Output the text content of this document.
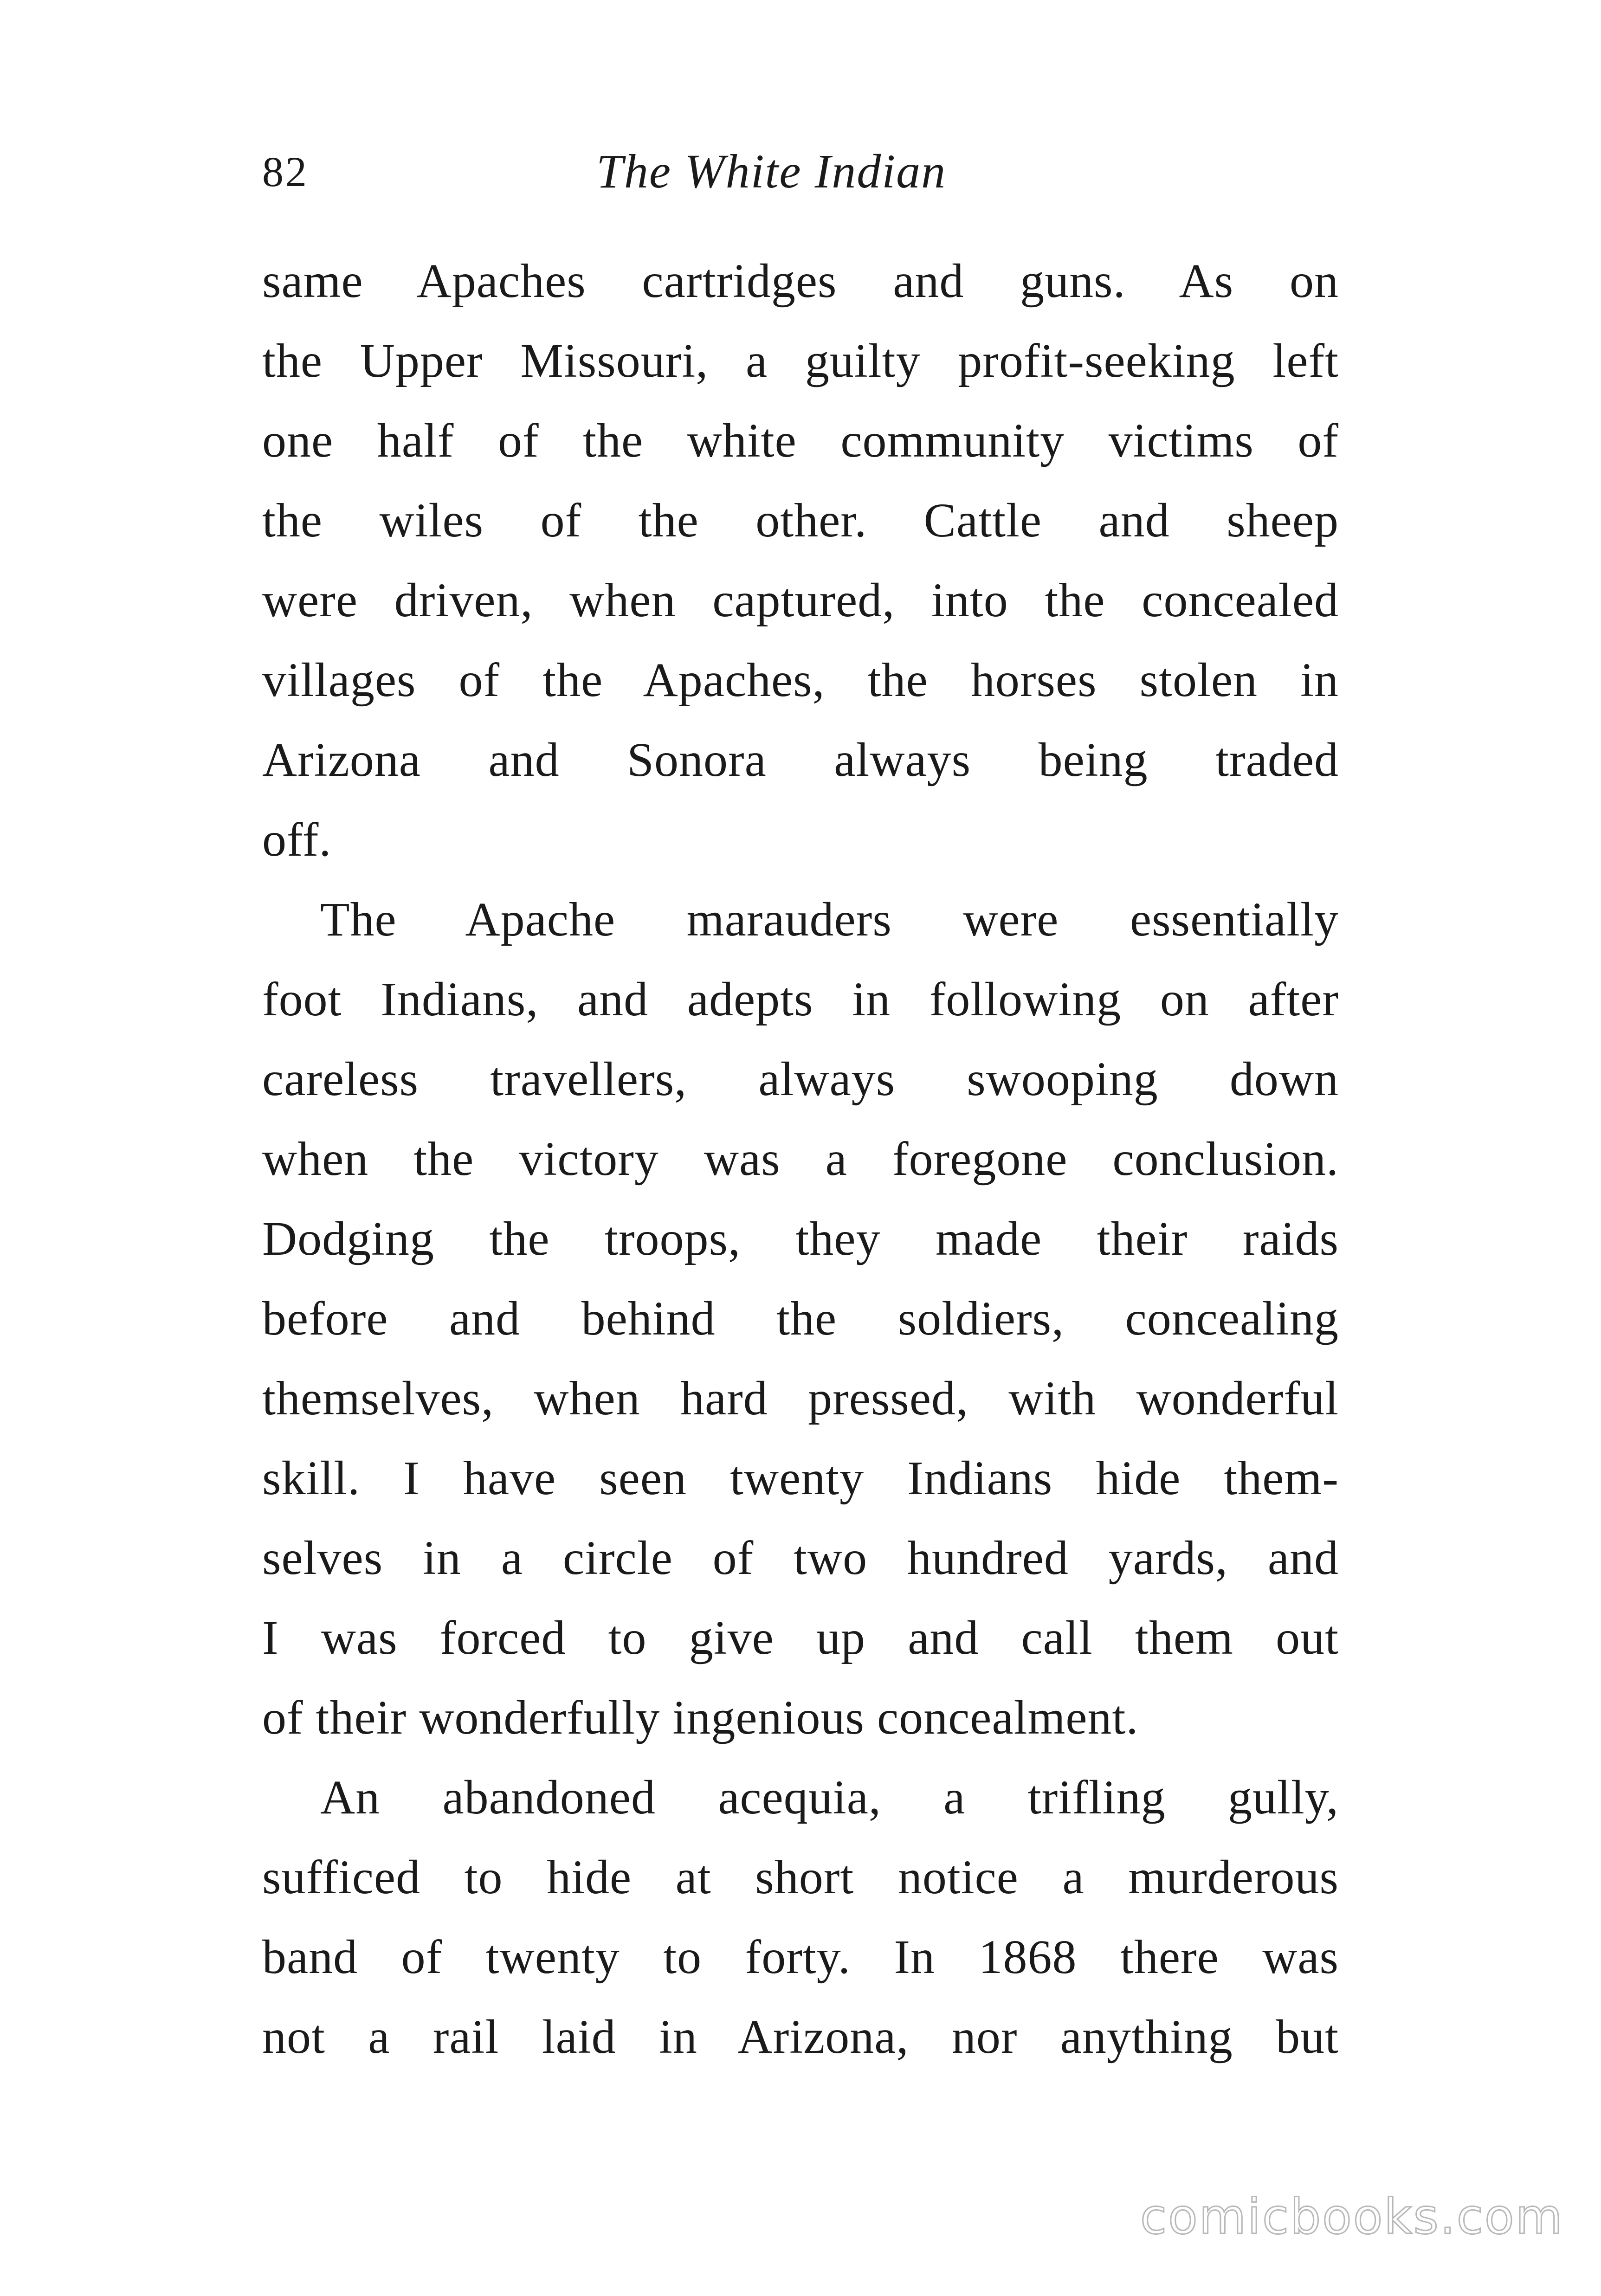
82	The White Indian
same Apaches cartridges and guns. As on
the Upper Missouri, a guilty profit-seeking left
one half of the white community victims of
the wiles of the other. Cattle and sheep
were driven, when captured, into the concealed
villages of the Apaches, the horses stolen in
Arizona and Sonora always being traded
off.
The Apache marauders were essentially
foot Indians, and adepts in following on after
careless travellers, always swooping down
when the victory was a foregone conclusion.
Dodging the troops, they made their raids
before and behind the soldiers, concealing
themselves, when hard pressed, with wonderful
skill. I have seen twenty Indians hide them-
selves in a circle of two hundred yards, and
I was forced to give up and call them out
of their wonderfully ingenious concealment.
An abandoned acequia, a trifling gully,
sufficed to hide at short notice a murderous
band of twenty to forty. In 1868 there was
not a rail laid in Arizona, nor anything but
comicbooks.com
